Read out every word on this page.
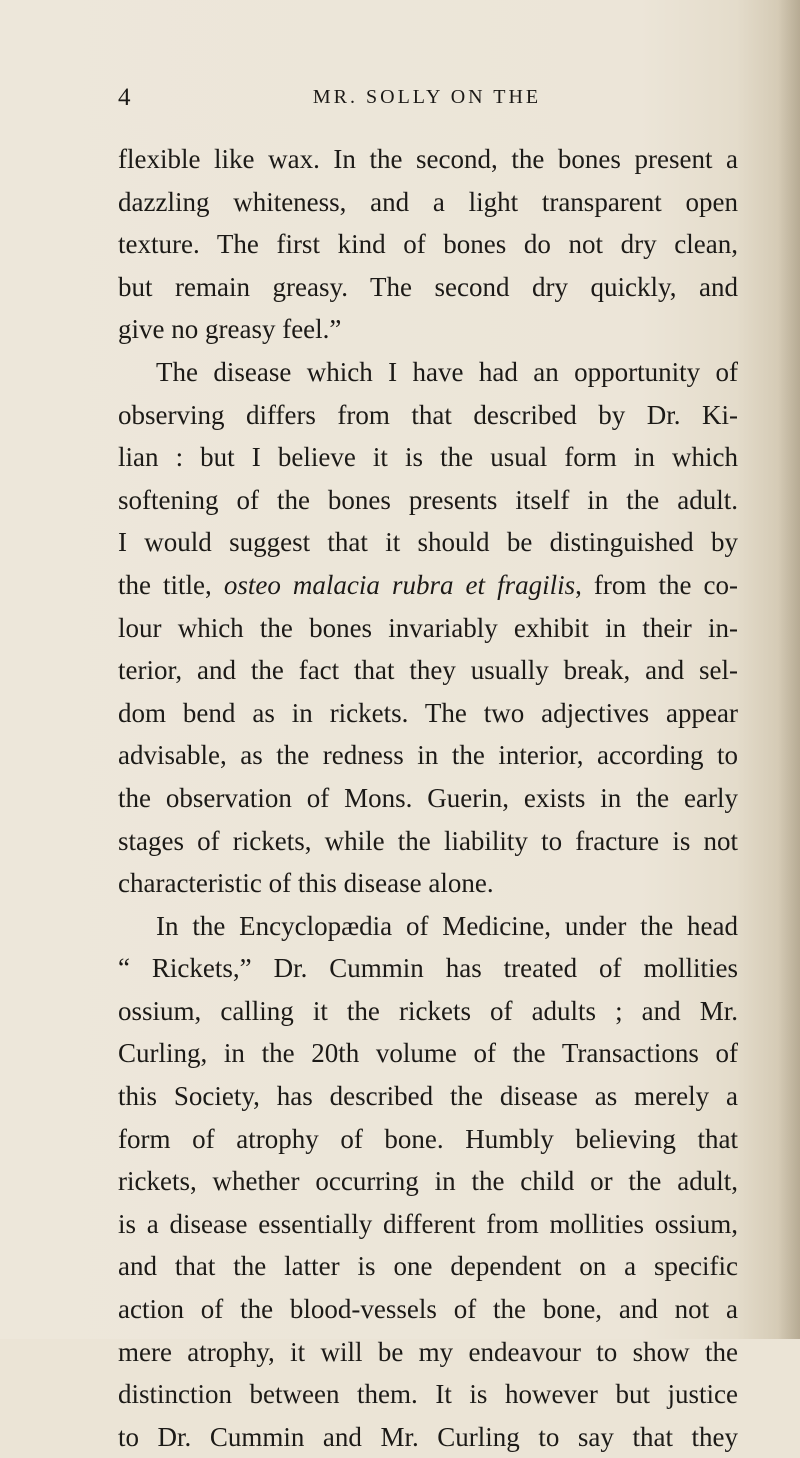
4	MR. SOLLY ON THE
flexible like wax. In the second, the bones present a
dazzling whiteness, and a light transparent open
texture. The first kind of bones do not dry clean,
but remain greasy. The second dry quickly, and
give no greasy feel.”
The disease which I have had an opportunity of
observing differs from that described by Dr. Ki-
lian : but I believe it is the usual form in which
softening of the bones presents itself in the adult.
I would suggest that it should be distinguished by
the title, osteo malacia rubra et fragilis, from the co-
lour which the bones invariably exhibit in their in-
terior, and the fact that they usually break, and sel-
dom bend as in rickets. The two adjectives appear
advisable, as the redness in the interior, according to
the observation of Mons. Guerin, exists in the early
stages of rickets, while the liability to fracture is not
characteristic of this disease alone.
In the Encyclopædia of Medicine, under the head
“ Rickets,” Dr. Cummin has treated of mollities
ossium, calling it the rickets of adults ; and Mr.
Curling, in the 20th volume of the Transactions of
this Society, has described the disease as merely a
form of atrophy of bone. Humbly believing that
rickets, whether occurring in the child or the adult,
is a disease essentially different from mollities ossium,
and that the latter is one dependent on a specific
action of the blood-vessels of the bone, and not a
mere atrophy, it will be my endeavour to show the
distinction between them. It is however but justice
to Dr. Cummin and Mr. Curling to say that they
